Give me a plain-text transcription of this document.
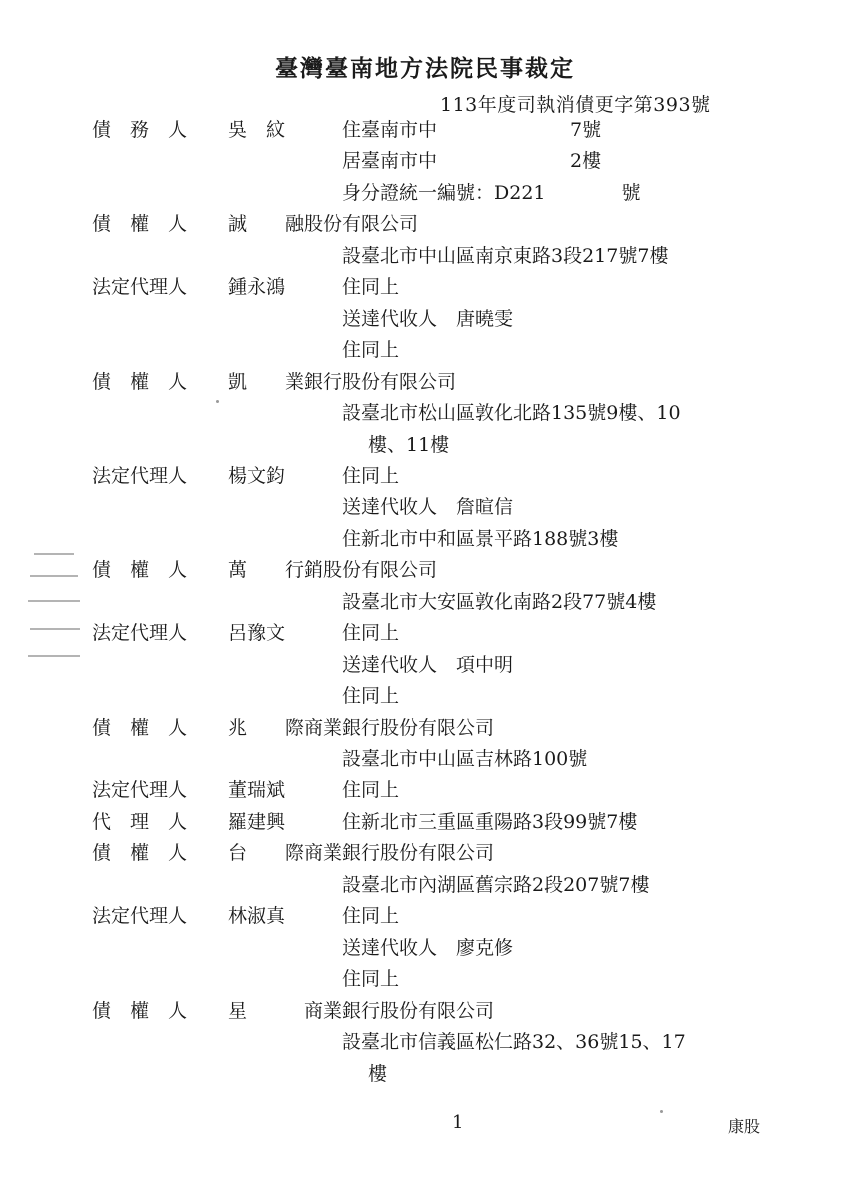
臺灣臺南地方法院民事裁定
113年度司執消債更字第393號
債　務　人 吳　紋	住臺南市中　　　　　　　7號
居臺南市中　　　　　　　2樓
身分證統一編號：D221　　　　號
債　權　人 誠　　融股份有限公司
設臺北市中山區南京東路3段217號7樓
法定代理人 鍾永鴻	住同上
送達代收人　唐曉雯
住同上
債　權　人 凱　　業銀行股份有限公司
設臺北市松山區敦化北路135號9樓、10
樓、11樓
法定代理人 楊文鈞	住同上
送達代收人　詹暄信
住新北市中和區景平路188號3樓
債　權　人 萬　　行銷股份有限公司
設臺北市大安區敦化南路2段77號4樓
法定代理人 呂豫文	住同上
送達代收人　項中明
住同上
債　權　人 兆　　際商業銀行股份有限公司
設臺北市中山區吉林路100號
法定代理人 董瑞斌	住同上
代　理　人 羅建興	住新北市三重區重陽路3段99號7樓
債　權　人 台　　際商業銀行股份有限公司
設臺北市內湖區舊宗路2段207號7樓
法定代理人 林淑真	住同上
送達代收人　廖克修
住同上
債　權　人 星　　　商業銀行股份有限公司
設臺北市信義區松仁路32、36號15、17
樓
1	康股
